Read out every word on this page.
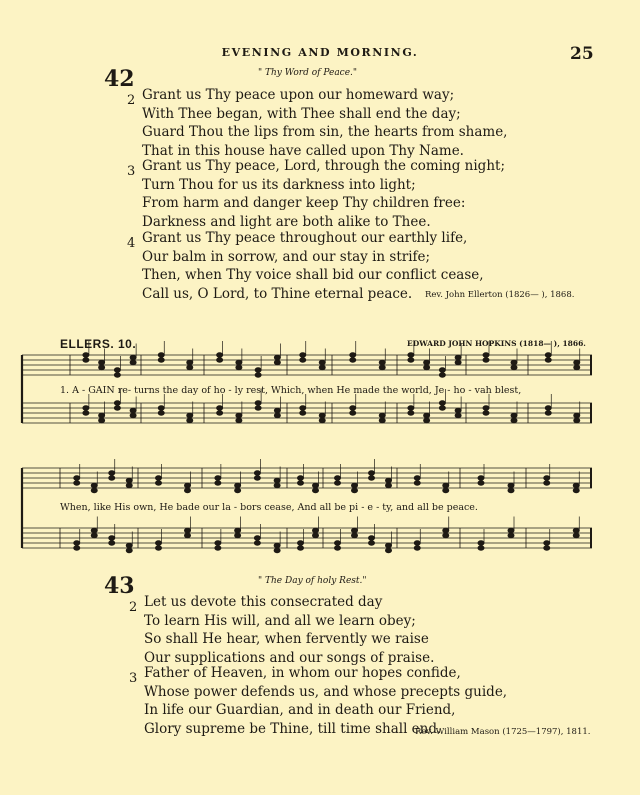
EVENING AND MORNING.	25
42	" Thy Word of Peace."
2 Grant us Thy peace upon our homeward way;
With Thee began, with Thee shall end the day;
Guard Thou the lips from sin, the hearts from shame,
That in this house have called upon Thy Name.
3 Grant us Thy peace, Lord, through the coming night;
Turn Thou for us its darkness into light;
From harm and danger keep Thy children free:
Darkness and light are both alike to Thee.
4 Grant us Thy peace throughout our earthly life,
Our balm in sorrow, and our stay in strife;
Then, when Thy voice shall bid our conflict cease,
Call us, O Lord, to Thine eternal peace.	Rev. John Ellerton (1826— ), 1868.
ELLERS. 10.	EDWARD JOHN HOPKINS (1818— ), 1866.
1. A - GAIN re- turns the day of ho - ly rest, Which, when He made the world, Je - ho - vah blest,
When, like His own, He bade our la - bors cease, And all be pi - e - ty, and all be peace.
43	" The Day of holy Rest."
2 Let us devote this consecrated day
To learn His will, and all we learn obey;
So shall He hear, when fervently we raise
Our supplications and our songs of praise.
3 Father of Heaven, in whom our hopes confide,
Whose power defends us, and whose precepts guide,
In life our Guardian, and in death our Friend,
Glory supreme be Thine, till time shall end.
Rev. William Mason (1725—1797), 1811.
